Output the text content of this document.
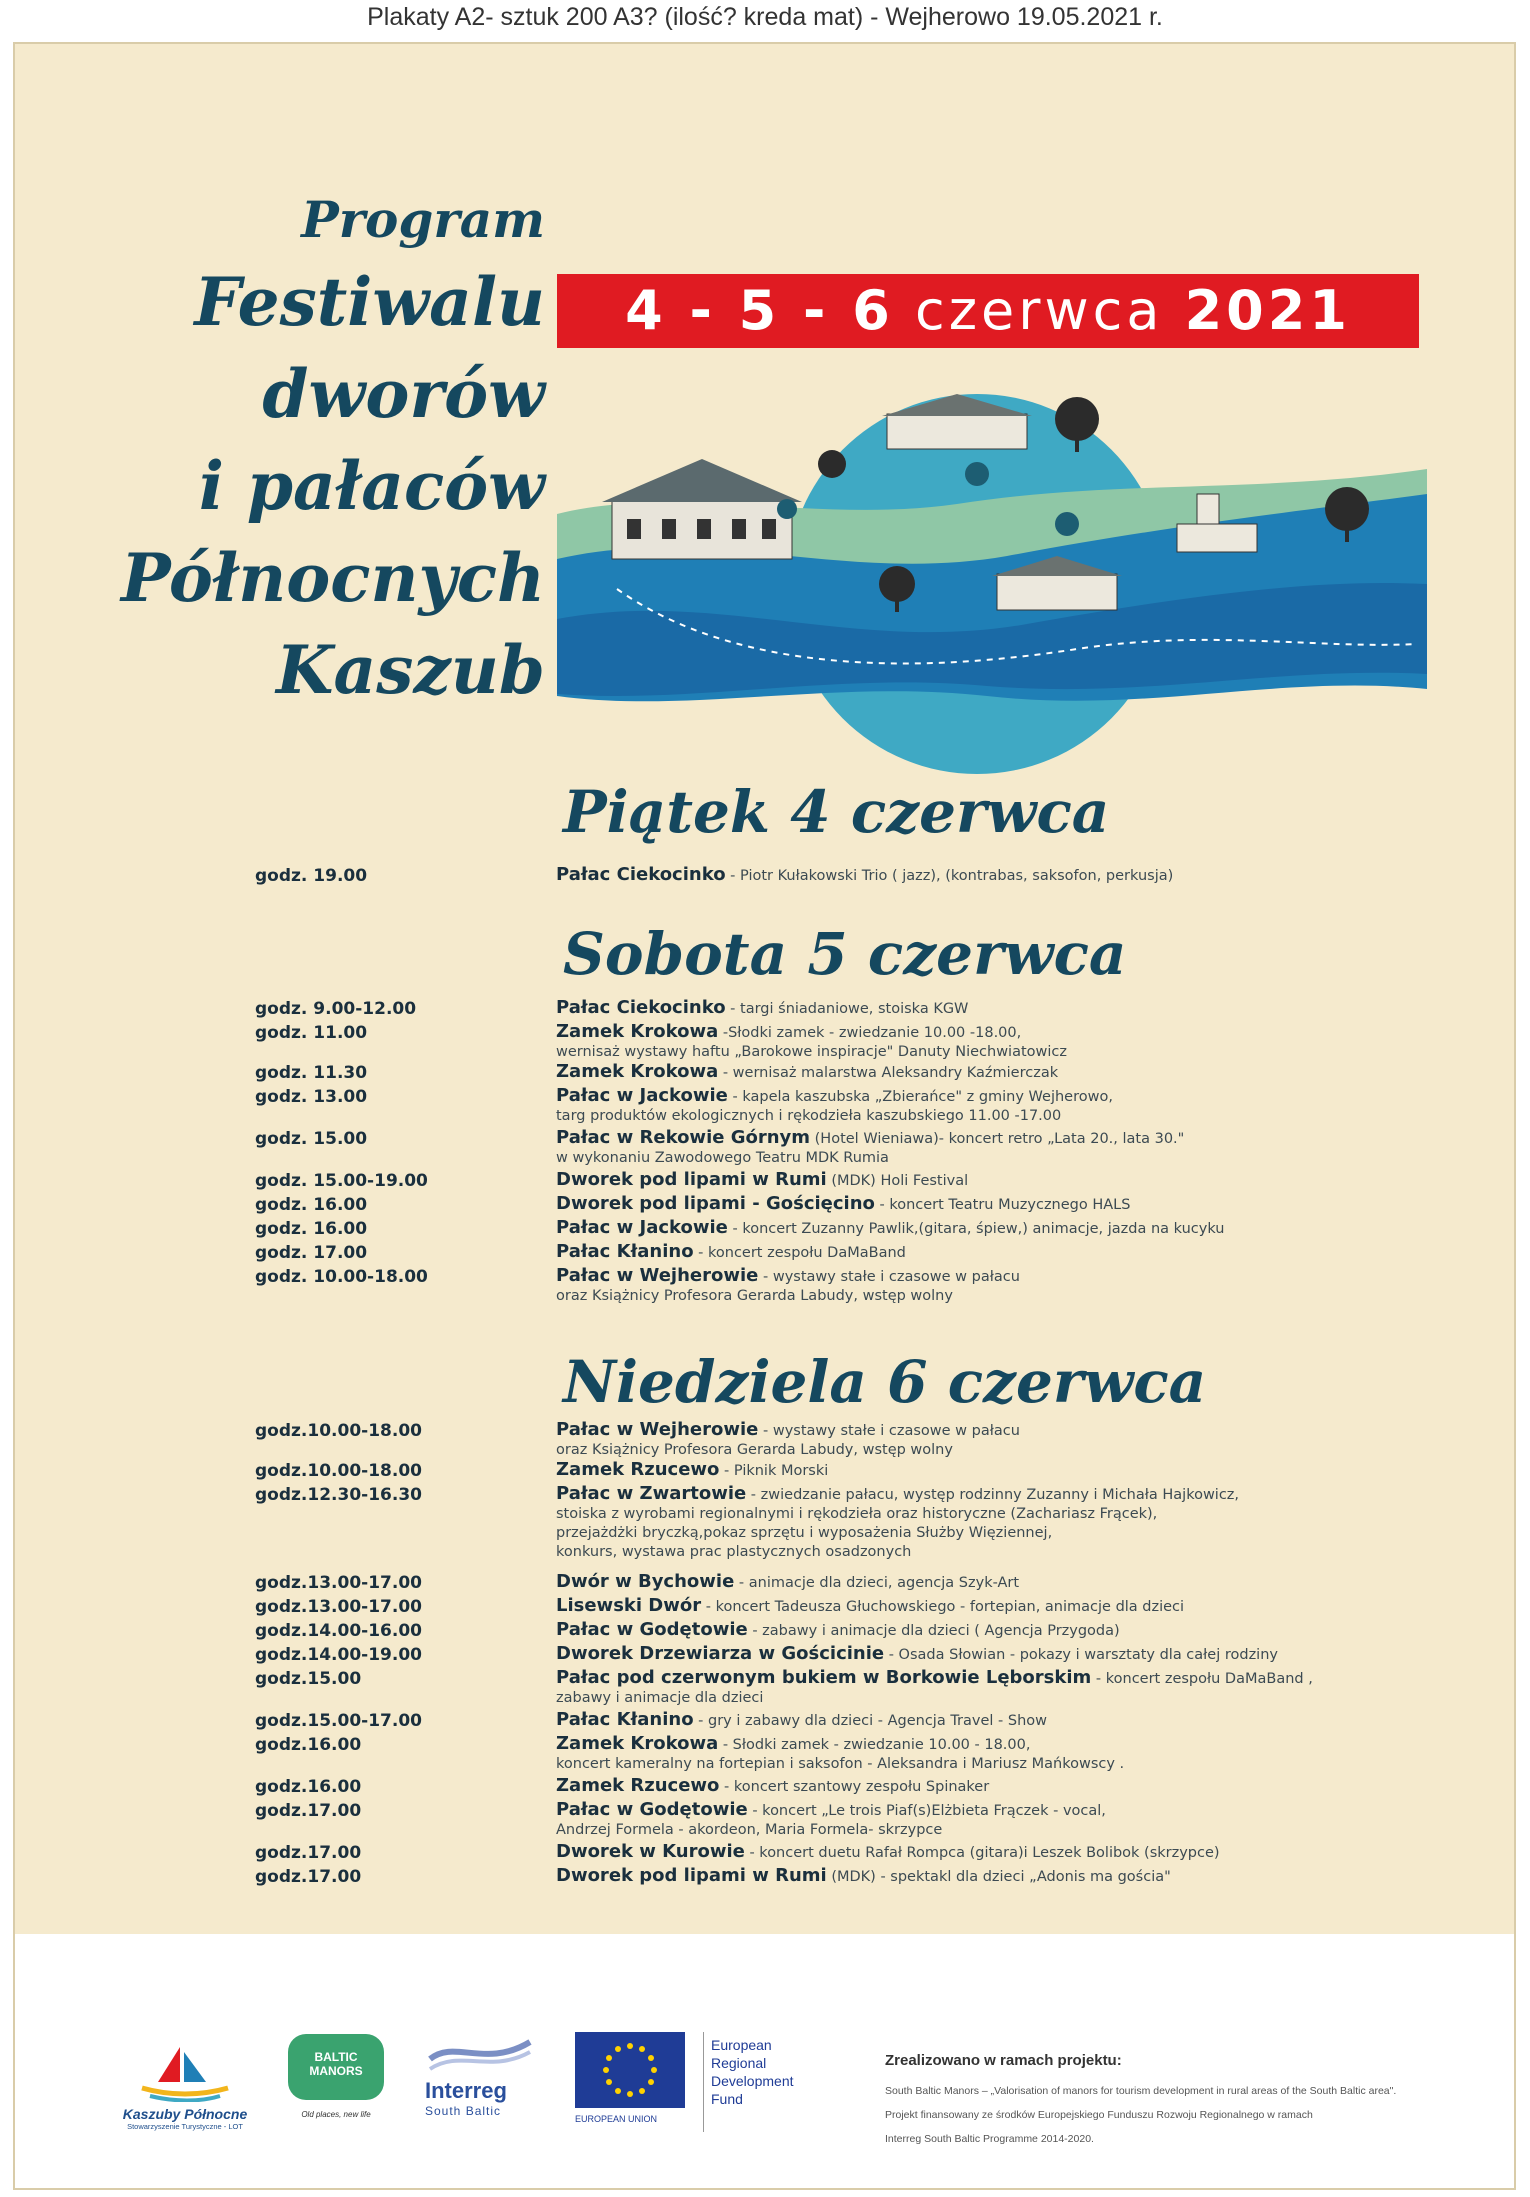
Plakaty A2- sztuk 200 A3? (ilość? kreda mat) - Wejherowo 19.05.2021 r.
Program
Festiwalu
dworów
i pałaców
Północnych
Kaszub
4 - 5 - 6 czerwca 2021
Piątek 4 czerwca
godz. 19.00	Pałac Ciekocinko - Piotr Kułakowski Trio ( jazz), (kontrabas, saksofon, perkusja)
Sobota 5 czerwca
godz. 9.00-12.00	Pałac Ciekocinko - targi śniadaniowe, stoiska KGW
godz. 11.00	Zamek Krokowa -Słodki zamek - zwiedzanie 10.00 -18.00,
wernisaż wystawy haftu „Barokowe inspiracje" Danuty Niechwiatowicz
godz. 11.30	Zamek Krokowa - wernisaż malarstwa Aleksandry Kaźmierczak
godz. 13.00	Pałac w Jackowie - kapela kaszubska „Zbierańce" z gminy Wejherowo,
targ produktów ekologicznych i rękodzieła kaszubskiego 11.00 -17.00
godz. 15.00	Pałac w Rekowie Górnym (Hotel Wieniawa)- koncert retro „Lata 20., lata 30."
w wykonaniu Zawodowego Teatru MDK Rumia
godz. 15.00-19.00	Dworek pod lipami w Rumi (MDK) Holi Festival
godz. 16.00	Dworek pod lipami - Gościęcino - koncert Teatru Muzycznego HALS
godz. 16.00	Pałac w Jackowie - koncert Zuzanny Pawlik,(gitara, śpiew,) animacje, jazda na kucyku
godz. 17.00	Pałac Kłanino - koncert zespołu DaMaBand
godz. 10.00-18.00	Pałac w Wejherowie - wystawy stałe i czasowe w pałacu
oraz Książnicy Profesora Gerarda Labudy, wstęp wolny
Niedziela 6 czerwca
godz.10.00-18.00	Pałac w Wejherowie - wystawy stałe i czasowe w pałacu
oraz Książnicy Profesora Gerarda Labudy, wstęp wolny
godz.10.00-18.00	Zamek Rzucewo - Piknik Morski
godz.12.30-16.30	Pałac w Zwartowie - zwiedzanie pałacu, występ rodzinny Zuzanny i Michała Hajkowicz,
stoiska z wyrobami regionalnymi i rękodzieła oraz historyczne (Zachariasz Frącek),
przejażdżki bryczką,pokaz sprzętu i wyposażenia Służby Więziennej,
konkurs, wystawa prac plastycznych osadzonych
godz.13.00-17.00	Dwór w Bychowie - animacje dla dzieci, agencja Szyk-Art
godz.13.00-17.00	Lisewski Dwór - koncert Tadeusza Głuchowskiego - fortepian, animacje dla dzieci
godz.14.00-16.00	Pałac w Godętowie - zabawy i animacje dla dzieci ( Agencja Przygoda)
godz.14.00-19.00	Dworek Drzewiarza w Gościcinie - Osada Słowian - pokazy i warsztaty dla całej rodziny
godz.15.00	Pałac pod czerwonym bukiem w Borkowie Lęborskim - koncert zespołu DaMaBand ,
zabawy i animacje dla dzieci
godz.15.00-17.00	Pałac Kłanino - gry i zabawy dla dzieci - Agencja Travel - Show
godz.16.00	Zamek Krokowa - Słodki zamek - zwiedzanie 10.00 - 18.00,
koncert kameralny na fortepian i saksofon - Aleksandra i Mariusz Mańkowscy .
godz.16.00	Zamek Rzucewo - koncert szantowy zespołu Spinaker
godz.17.00	Pałac w Godętowie - koncert „Le trois Piaf(s)Elżbieta Frączek - vocal,
Andrzej Formela - akordeon, Maria Formela- skrzypce
godz.17.00	Dworek w Kurowie - koncert duetu Rafał Rompca (gitara)i Leszek Bolibok (skrzypce)
godz.17.00	Dworek pod lipami w Rumi (MDK) - spektakl dla dzieci „Adonis ma gościa"
Kaszuby Północne
Stowarzyszenie Turystyczne - LOT
BALTIC
MANORS
Old places, new life
Interreg
South Baltic
EUROPEAN UNION
European
Regional
Development
Fund
Zrealizowano w ramach projektu:
South Baltic Manors – „Valorisation of manors for tourism development in rural areas of the South Baltic area".
Projekt finansowany ze środków Europejskiego Funduszu Rozwoju Regionalnego w ramach
Interreg South Baltic Programme 2014-2020.
